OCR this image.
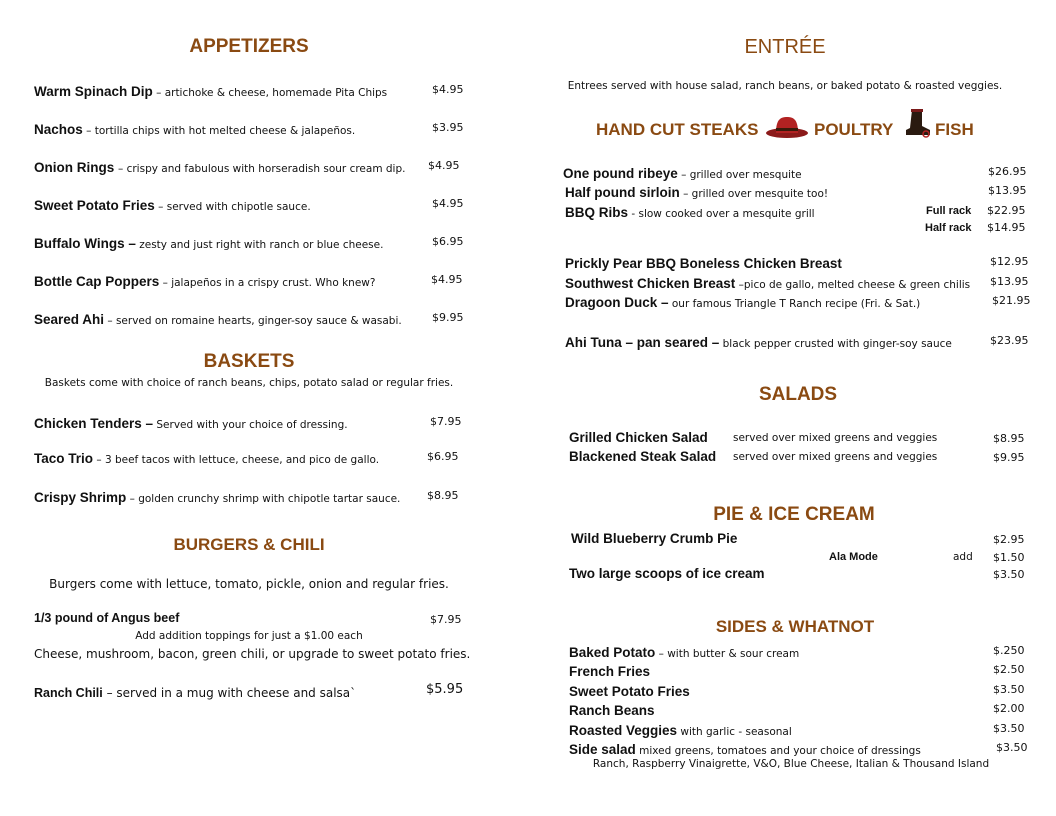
APPETIZERS
Warm Spinach Dip – artichoke & cheese, homemade Pita Chips	$4.95
Nachos – tortilla chips with hot melted cheese & jalapeños.	$3.95
Onion Rings – crispy and fabulous with horseradish sour cream dip. $4.95
Sweet Potato Fries – served with chipotle sauce.	$4.95
Buffalo Wings – zesty and just right with ranch or blue cheese.	$6.95
Bottle Cap Poppers – jalapeños in a crispy crust. Who knew?	$4.95
Seared Ahi – served on romaine hearts, ginger-soy sauce & wasabi.	$9.95
BASKETS
Baskets come with choice of ranch beans, chips, potato salad or regular fries.
Chicken Tenders – Served with your choice of dressing.	$7.95
Taco Trio – 3 beef tacos with lettuce, cheese, and pico de gallo.	$6.95
Crispy Shrimp – golden crunchy shrimp with chipotle tartar sauce. $8.95
BURGERS & CHILI
Burgers come with lettuce, tomato, pickle, onion and regular fries.
1/3 pound of Angus beef	$7.95
Add addition toppings for just a $1.00 each
Cheese, mushroom, bacon, green chili, or upgrade to sweet potato fries.
Ranch Chili – served in a mug with cheese and salsa`	$5.95
ENTRÉE
Entrees served with house salad, ranch beans, or baked potato & roasted veggies.
HAND CUT STEAKS	POULTRY FISH
One pound ribeye – grilled over mesquite	$26.95
Half pound sirloin – grilled over mesquite too!	$13.95
BBQ Ribs - slow cooked over a mesquite grill	Full rack $22.95
Half rack $14.95
Prickly Pear BBQ Boneless Chicken Breast	$12.95
Southwest Chicken Breast –pico de gallo, melted cheese & green chilis $13.95
Dragoon Duck – our famous Triangle T Ranch recipe (Fri. & Sat.)	$21.95
Ahi Tuna – pan seared – black pepper crusted with ginger-soy sauce	$23.95
SALADS
Grilled Chicken Salad served over mixed greens and veggies	$8.95
Blackened Steak Salad served over mixed greens and veggies	$9.95
PIE & ICE CREAM
Wild Blueberry Crumb Pie	$2.95
Ala Mode	add $1.50
Two large scoops of ice cream	$3.50
SIDES & WHATNOT
Baked Potato – with butter & sour cream	$.250
French Fries	$2.50
Sweet Potato Fries	$3.50
Ranch Beans	$2.00
Roasted Veggies with garlic - seasonal	$3.50
Side salad mixed greens, tomatoes and your choice of dressings	$3.50
Ranch, Raspberry Vinaigrette, V&O, Blue Cheese, Italian & Thousand Island
